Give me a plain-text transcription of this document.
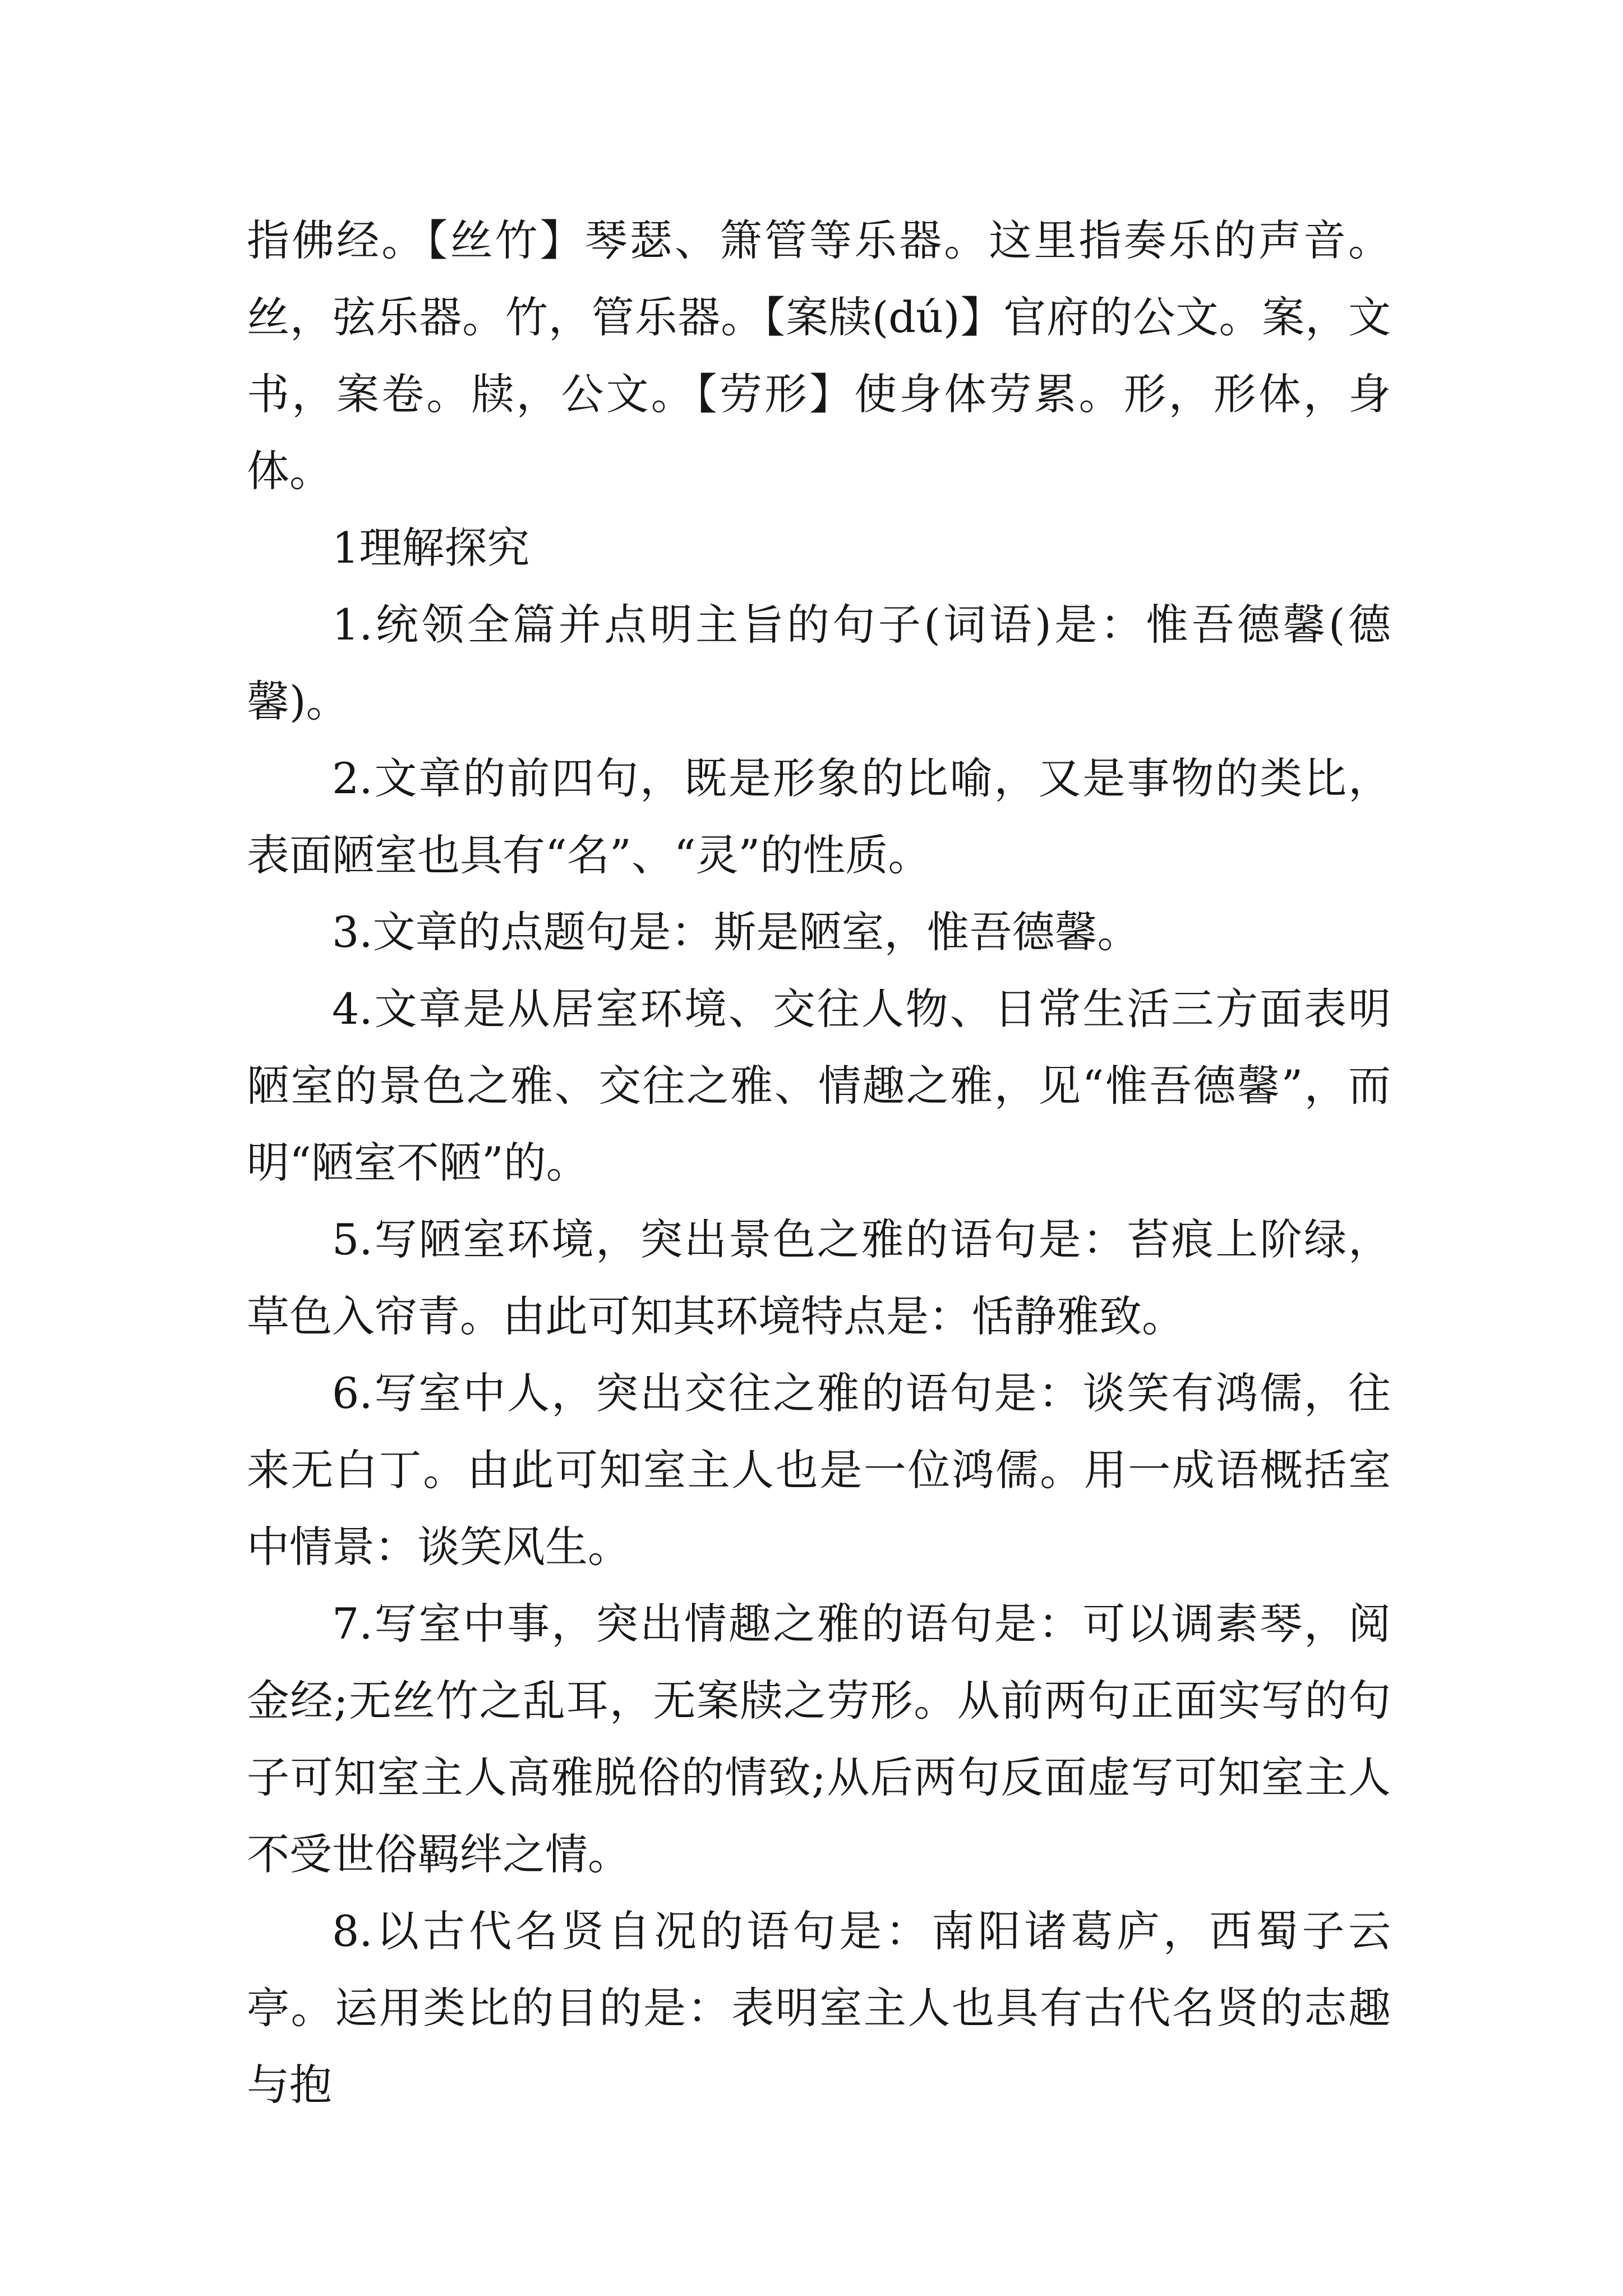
指佛经。【丝竹】琴瑟、箫管等乐器。这里指奏乐的声音。丝，弦乐器。竹，管乐器。【案牍(dú)】官府的公文。案，文书，案卷。牍，公文。【劳形】使身体劳累。形，形体，身体。

1理解探究

1.统领全篇并点明主旨的句子(词语)是：惟吾德馨(德馨)。

2.文章的前四句，既是形象的比喻，又是事物的类比，表面陋室也具有“名”、“灵”的性质。

3.文章的点题句是：斯是陋室，惟吾德馨。

4.文章是从居室环境、交往人物、日常生活三方面表明陋室的景色之雅、交往之雅、情趣之雅，见“惟吾德馨”，而明“陋室不陋”的。

5.写陋室环境，突出景色之雅的语句是：苔痕上阶绿，草色入帘青。由此可知其环境特点是：恬静雅致。

6.写室中人，突出交往之雅的语句是：谈笑有鸿儒，往来无白丁。由此可知室主人也是一位鸿儒。用一成语概括室中情景：谈笑风生。

7.写室中事，突出情趣之雅的语句是：可以调素琴，阅金经;无丝竹之乱耳，无案牍之劳形。从前两句正面实写的句子可知室主人高雅脱俗的情致;从后两句反面虚写可知室主人不受世俗羁绊之情。

8.以古代名贤自况的语句是：南阳诸葛庐，西蜀子云亭。运用类比的目的是：表明室主人也具有古代名贤的志趣与抱
